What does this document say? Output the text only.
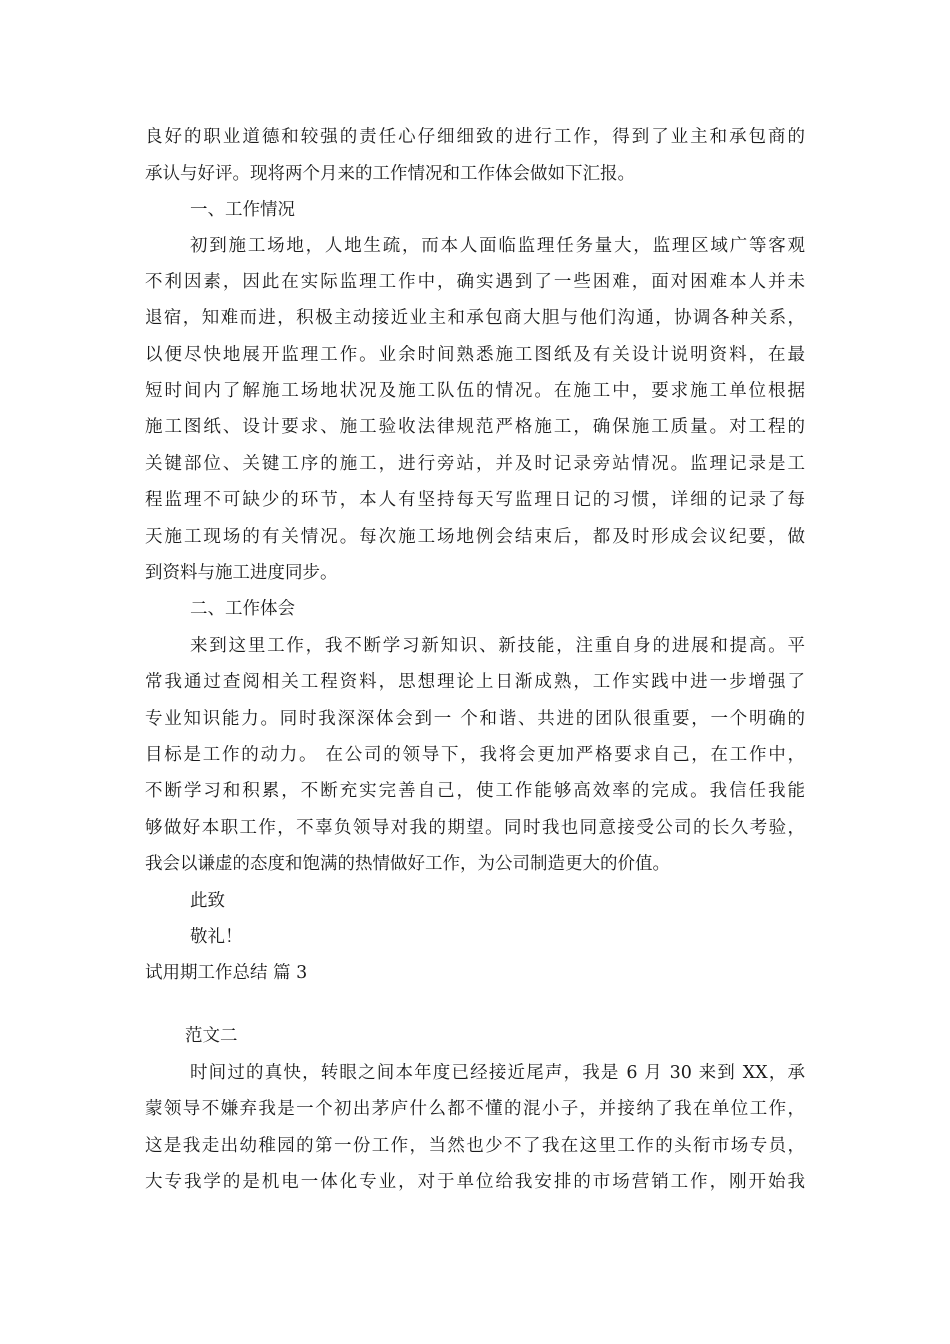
良好的职业道德和较强的责任心仔细细致的进行工作，得到了业主和承包商的
承认与好评。现将两个月来的工作情况和工作体会做如下汇报。
一、工作情况
初到施工场地，人地生疏，而本人面临监理任务量大，监理区域广等客观
不利因素，因此在实际监理工作中，确实遇到了一些困难，面对困难本人并未
退宿，知难而进，积极主动接近业主和承包商大胆与他们沟通，协调各种关系，
以便尽快地展开监理工作。业余时间熟悉施工图纸及有关设计说明资料，在最
短时间内了解施工场地状况及施工队伍的情况。在施工中，要求施工单位根据
施工图纸、设计要求、施工验收法律规范严格施工，确保施工质量。对工程的
关键部位、关键工序的施工，进行旁站，并及时记录旁站情况。监理记录是工
程监理不可缺少的环节，本人有坚持每天写监理日记的习惯，详细的记录了每
天施工现场的有关情况。每次施工场地例会结束后，都及时形成会议纪要，做
到资料与施工进度同步。
二、工作体会
来到这里工作，我不断学习新知识、新技能，注重自身的进展和提高。平
常我通过查阅相关工程资料，思想理论上日渐成熟，工作实践中进一步增强了
专业知识能力。同时我深深体会到一 个和谐、共进的团队很重要，一个明确的
目标是工作的动力。 在公司的领导下，我将会更加严格要求自己，在工作中，
不断学习和积累，不断充实完善自己，使工作能够高效率的完成。我信任我能
够做好本职工作，不辜负领导对我的期望。同时我也同意接受公司的长久考验，
我会以谦虚的态度和饱满的热情做好工作，为公司制造更大的价值。
此致
敬礼！
试用期工作总结 篇 3
范文二
时间过的真快，转眼之间本年度已经接近尾声，我是 6 月 30 来到 XX，承
蒙领导不嫌弃我是一个初出茅庐什么都不懂的混小子，并接纳了我在单位工作，
这是我走出幼稚园的第一份工作，当然也少不了我在这里工作的头衔市场专员，
大专我学的是机电一体化专业，对于单位给我安排的市场营销工作，刚开始我
